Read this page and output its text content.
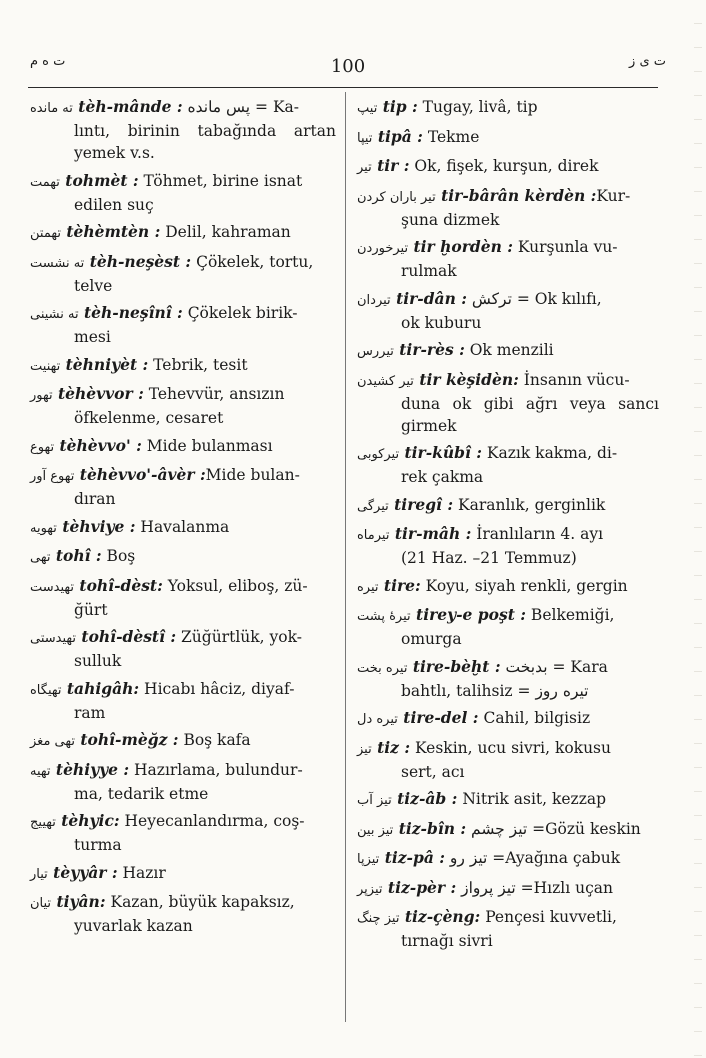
ت ه م	100	ت ى ز
ته مانده tèh-mânde : پس مانده = Ka-
lıntı, birinin tabağında artan yemek v.s.
تهمت tohmèt : Töhmet, birine isnat
edilen suç
تهمتن tèhèmtèn : Delil, kahraman
ته نشست tèh-neşèst : Çökelek, tortu,
telve
ته نشینى tèh-neşînî : Çökelek birik-
mesi
تهنیت tèhniyèt : Tebrik, tesit
تهور tèhèvvor : Tehevvür, ansızın
öfkelenme, cesaret
تهوع tèhèvvo' : Mide bulanması
تهوع آور tèhèvvo'-âvèr :Mide bulan-
dıran
تهویه tèhviye : Havalanma
تهى tohî : Boş
تهیدست tohî-dèst: Yoksul, eliboş, zü-
ğürt
تهیدستى tohî-dèstî : Züğürtlük, yok-
sulluk
تهیگاه tahigâh: Hicabı hâciz, diyaf-
ram
تهى مغز tohî-mèğz : Boş kafa
تهیه tèhiyye : Hazırlama, bulundur-
ma, tedarik etme
تهییج tèhyic: Heyecanlandırma, coş-
turma
تیار tèyyâr : Hazır
تیان tiyân: Kazan, büyük kapaksız,
yuvarlak kazan
تیپ tip : Tugay, livâ, tip
تیپا tipâ : Tekme
تیر tir : Ok, fişek, kurşun, direk
تیر باران کردن tir-bârân kèrdèn :Kur-
şuna dizmek
تیرخوردن tir ḫordèn : Kurşunla vu-
rulmak
تیردان tir-dân : ترکش = Ok kılıfı,
ok kuburu
تیررس tir-rès : Ok menzili
تیر کشیدن tir kèşidèn: İnsanın vücu-
duna ok gibi ağrı veya sancı girmek
تیرکوبى tir-kûbî : Kazık kakma, di-
rek çakma
تیرگى tiregî : Karanlık, gerginlik
تیرماه tir-mâh : İranlıların 4. ayı
(21 Haz. –21 Temmuz)
تیره tire: Koyu, siyah renkli, gergin
تیرهٔ پشت tirey-e poşt : Belkemiği,
omurga
تیره بخت tire-bèḫt : بدبخت = Kara
bahtlı, talihsiz = تیره روز
تیره دل tire-del : Cahil, bilgisiz
تیز tiz : Keskin, ucu sivri, kokusu
sert, acı
تیز آب tiz-âb : Nitrik asit, kezzap
تیز بین tiz-bîn : تیز چشم =Gözü keskin
تیزپا tiz-pâ : تیز رو =Ayağına çabuk
تیزپر tiz-pèr : تیز پرواز =Hızlı uçan
تیز چنگ tiz-çèng: Pençesi kuvvetli,
tırnağı sivri
